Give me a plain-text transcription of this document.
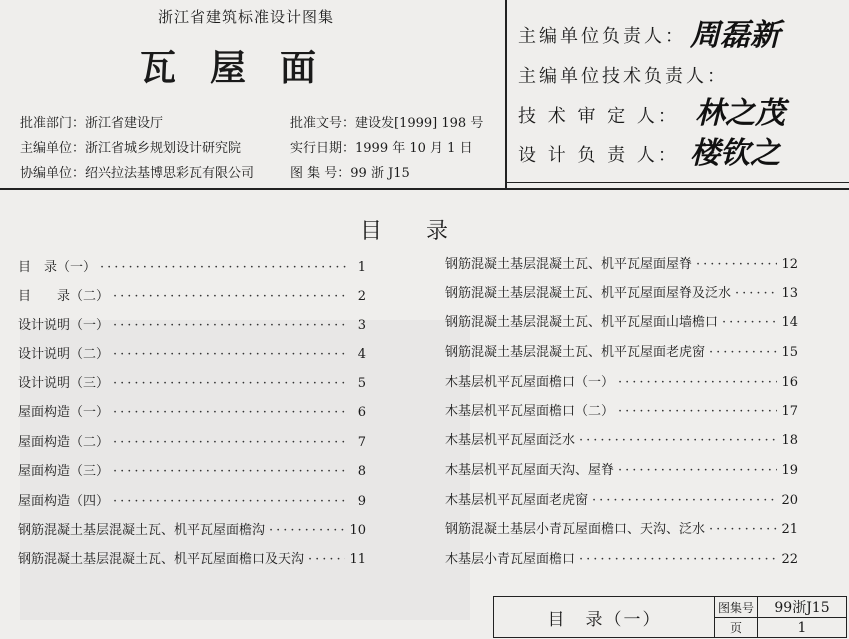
浙江省建筑标准设计图集
瓦屋面
批准部门：浙江省建设厅
主编单位：浙江省城乡规划设计研究院
协编单位：绍兴拉法基博思彩瓦有限公司
批准文号：建设发[1999] 198 号
实行日期：1999 年 10 月 1 日
图 集 号：99 浙 J15
主编单位负责人： 周磊新
主编单位技术负责人：
技 术 审 定 人： 林之茂
设 计 负 责 人： 楼钦之
目　　录
目　录（一） ·····	1
目　　录（二） ·····	2
设计说明（一） ·····	3
设计说明（二） ·····	4
设计说明（三） ·····	5
屋面构造（一） ·····	6
屋面构造（二） ·····	7
屋面构造（三） ·····	8
屋面构造（四） ·····	9
钢筋混凝土基层混凝土瓦、机平瓦屋面檐沟 ·····	10
钢筋混凝土基层混凝土瓦、机平瓦屋面檐口及天沟 ·····	11
钢筋混凝土基层混凝土瓦、机平瓦屋面屋脊 ·····	12
钢筋混凝土基层混凝土瓦、机平瓦屋面屋脊及泛水 ·····	13
钢筋混凝土基层混凝土瓦、机平瓦屋面山墙檐口 ·····	14
钢筋混凝土基层混凝土瓦、机平瓦屋面老虎窗 ·····	15
木基层机平瓦屋面檐口（一） ·····	16
木基层机平瓦屋面檐口（二） ·····	17
木基层机平瓦屋面泛水 ·····	18
木基层机平瓦屋面天沟、屋脊 ·····	19
木基层机平瓦屋面老虎窗 ·····	20
钢筋混凝土基层小青瓦屋面檐口、天沟、泛水 ·····	21
木基层小青瓦屋面檐口 ·····	22
目　录（一）
图集号	99浙J15
页	1
